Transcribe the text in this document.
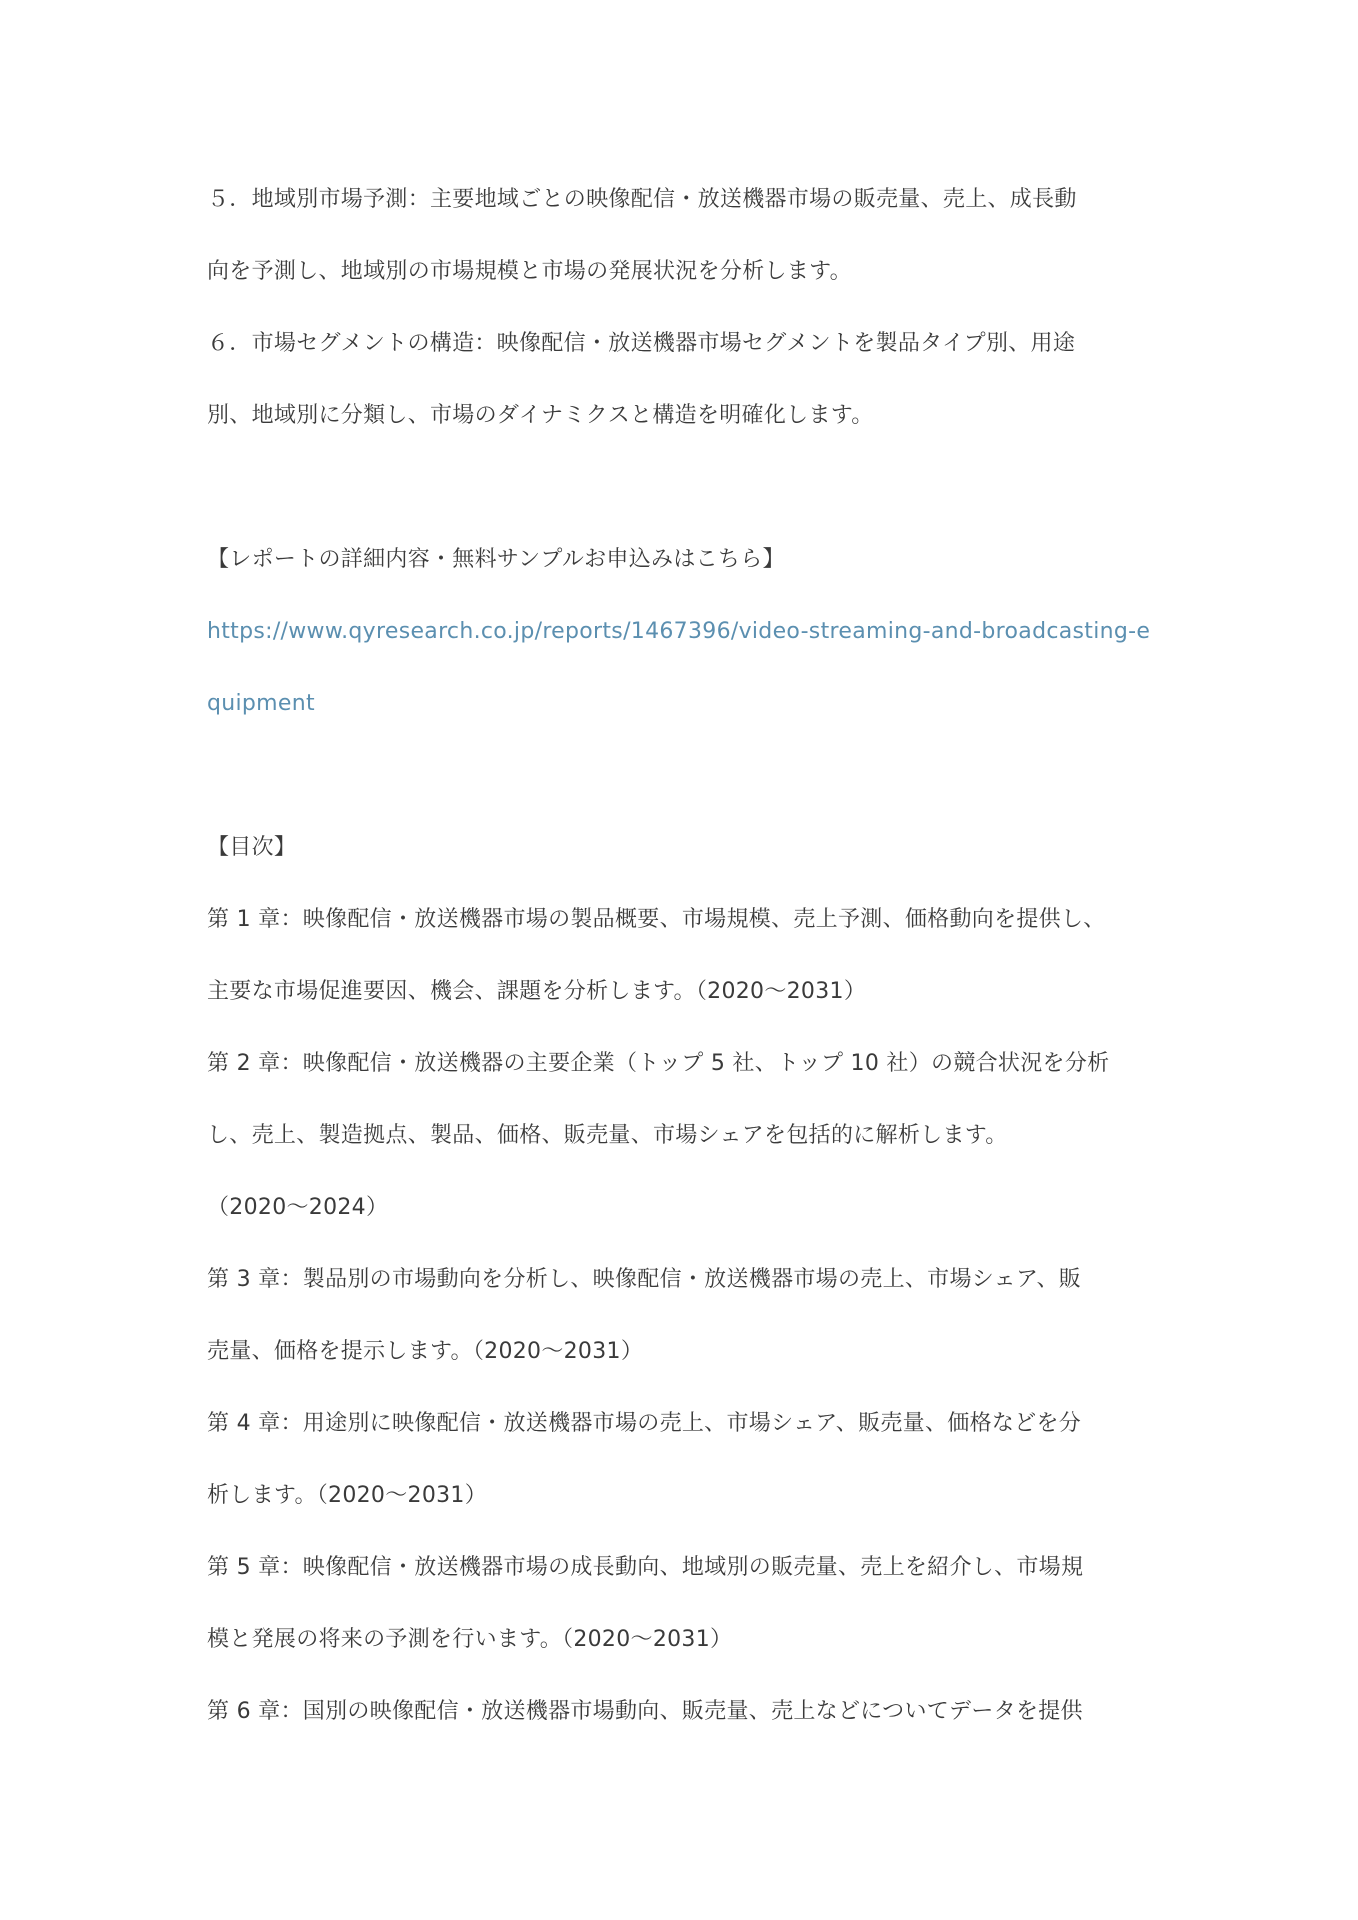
５．地域別市場予測：主要地域ごとの映像配信・放送機器市場の販売量、売上、成長動
向を予測し、地域別の市場規模と市場の発展状況を分析します。
６．市場セグメントの構造：映像配信・放送機器市場セグメントを製品タイプ別、用途
別、地域別に分類し、市場のダイナミクスと構造を明確化します。
【レポートの詳細内容・無料サンプルお申込みはこちら】
https://www.qyresearch.co.jp/reports/1467396/video-streaming-and-broadcasting-e
quipment
【目次】
第 1 章：映像配信・放送機器市場の製品概要、市場規模、売上予測、価格動向を提供し、
主要な市場促進要因、機会、課題を分析します。（2020～2031）
第 2 章：映像配信・放送機器の主要企業（トップ 5 社、トップ 10 社）の競合状況を分析
し、売上、製造拠点、製品、価格、販売量、市場シェアを包括的に解析します。
（2020～2024）
第 3 章：製品別の市場動向を分析し、映像配信・放送機器市場の売上、市場シェア、販
売量、価格を提示します。（2020～2031）
第 4 章：用途別に映像配信・放送機器市場の売上、市場シェア、販売量、価格などを分
析します。（2020～2031）
第 5 章：映像配信・放送機器市場の成長動向、地域別の販売量、売上を紹介し、市場規
模と発展の将来の予測を行います。（2020～2031）
第 6 章：国別の映像配信・放送機器市場動向、販売量、売上などについてデータを提供
